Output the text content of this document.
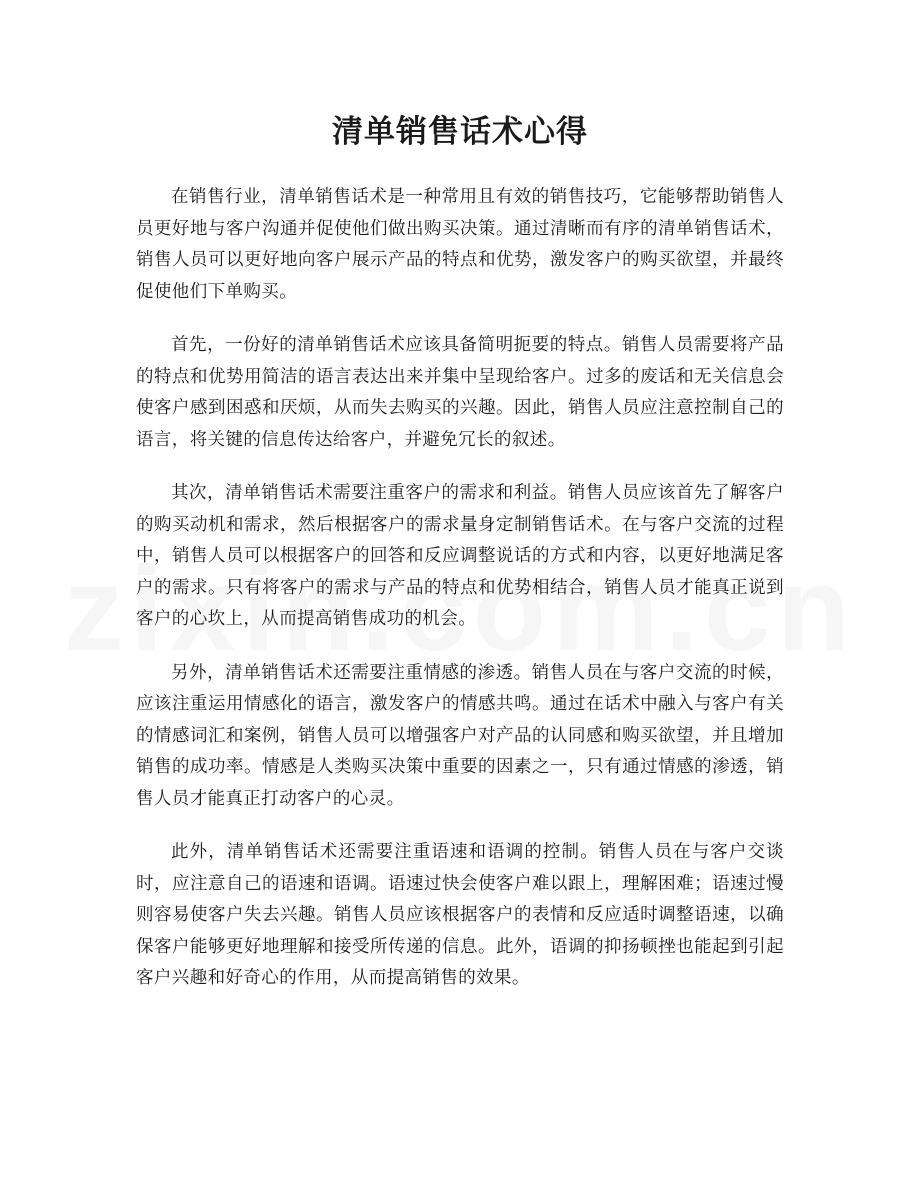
清单销售话术心得

在销售行业，清单销售话术是一种常用且有效的销售技巧，它能够帮助销售人员更好地与客户沟通并促使他们做出购买决策。通过清晰而有序的清单销售话术，销售人员可以更好地向客户展示产品的特点和优势，激发客户的购买欲望，并最终促使他们下单购买。

首先，一份好的清单销售话术应该具备简明扼要的特点。销售人员需要将产品的特点和优势用简洁的语言表达出来并集中呈现给客户。过多的废话和无关信息会使客户感到困惑和厌烦，从而失去购买的兴趣。因此，销售人员应注意控制自己的语言，将关键的信息传达给客户，并避免冗长的叙述。

其次，清单销售话术需要注重客户的需求和利益。销售人员应该首先了解客户的购买动机和需求，然后根据客户的需求量身定制销售话术。在与客户交流的过程中，销售人员可以根据客户的回答和反应调整说话的方式和内容，以更好地满足客户的需求。只有将客户的需求与产品的特点和优势相结合，销售人员才能真正说到客户的心坎上，从而提高销售成功的机会。

另外，清单销售话术还需要注重情感的渗透。销售人员在与客户交流的时候，应该注重运用情感化的语言，激发客户的情感共鸣。通过在话术中融入与客户有关的情感词汇和案例，销售人员可以增强客户对产品的认同感和购买欲望，并且增加销售的成功率。情感是人类购买决策中重要的因素之一，只有通过情感的渗透，销售人员才能真正打动客户的心灵。

此外，清单销售话术还需要注重语速和语调的控制。销售人员在与客户交谈时，应注意自己的语速和语调。语速过快会使客户难以跟上，理解困难；语速过慢则容易使客户失去兴趣。销售人员应该根据客户的表情和反应适时调整语速，以确保客户能够更好地理解和接受所传递的信息。此外，语调的抑扬顿挫也能起到引起客户兴趣和好奇心的作用，从而提高销售的效果。
